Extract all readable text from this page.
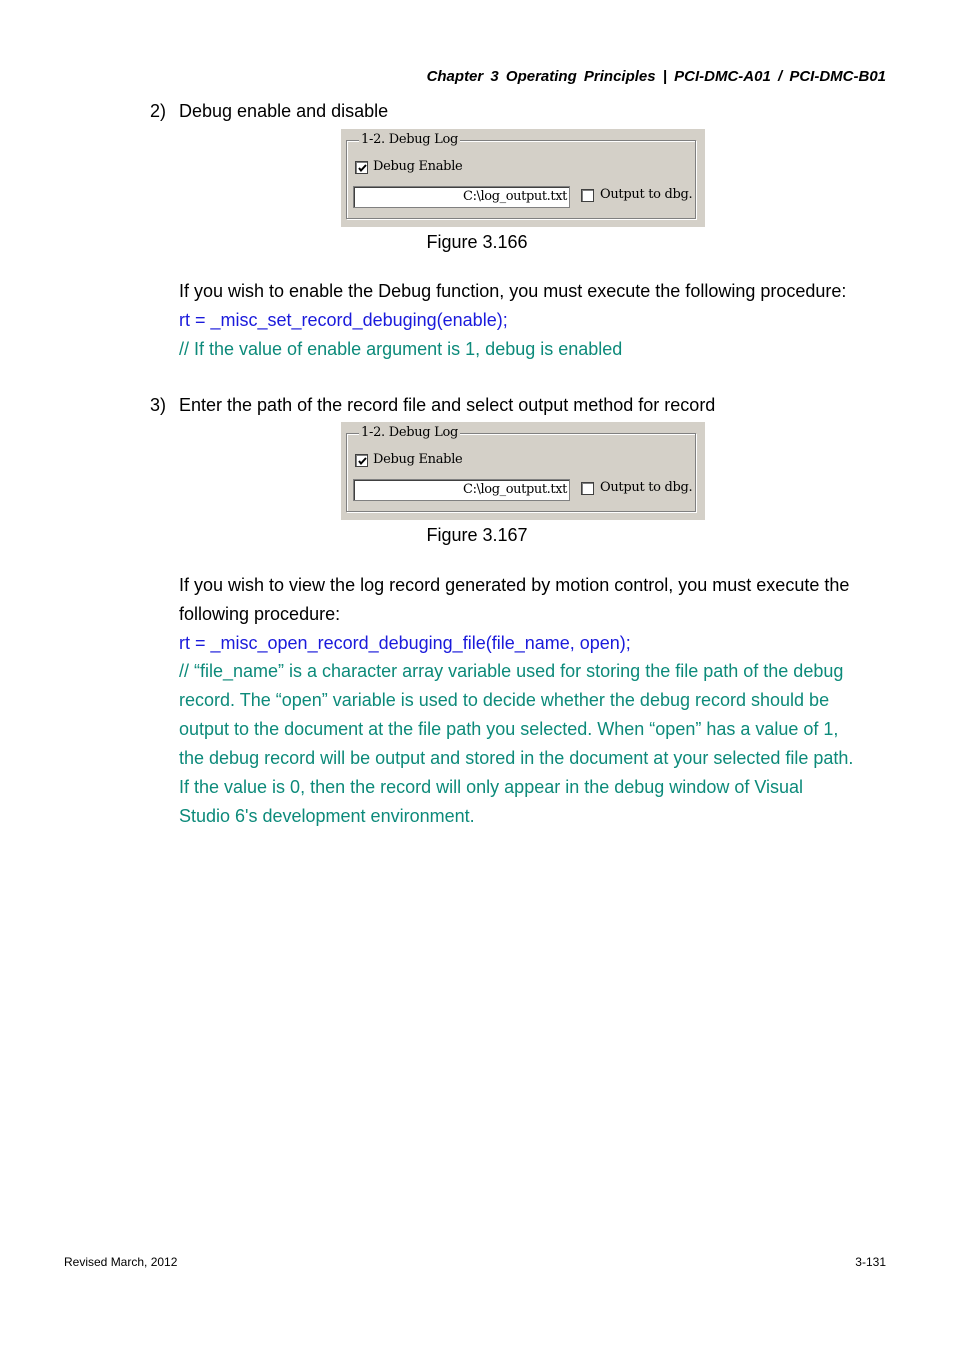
Chapter 3 Operating Principles | PCI-DMC-A01 / PCI-DMC-B01
2) Debug enable and disable
1-2. Debug Log
Debug Enable
C:\log_output.txt	Output to dbg.
Figure 3.166
If you wish to enable the Debug function, you must execute the following procedure:
rt = _misc_set_record_debuging(enable);
// If the value of enable argument is 1, debug is enabled
3) Enter the path of the record file and select output method for record
1-2. Debug Log
Debug Enable
C:\log_output.txt	Output to dbg.
Figure 3.167
If you wish to view the log record generated by motion control, you must execute the
following procedure:
rt = _misc_open_record_debuging_file(file_name, open);
// “file_name” is a character array variable used for storing the file path of the debug
record. The “open” variable is used to decide whether the debug record should be
output to the document at the file path you selected. When “open” has a value of 1,
the debug record will be output and stored in the document at your selected file path.
If the value is 0, then the record will only appear in the debug window of Visual
Studio 6's development environment.
Revised March, 2012	3-131
